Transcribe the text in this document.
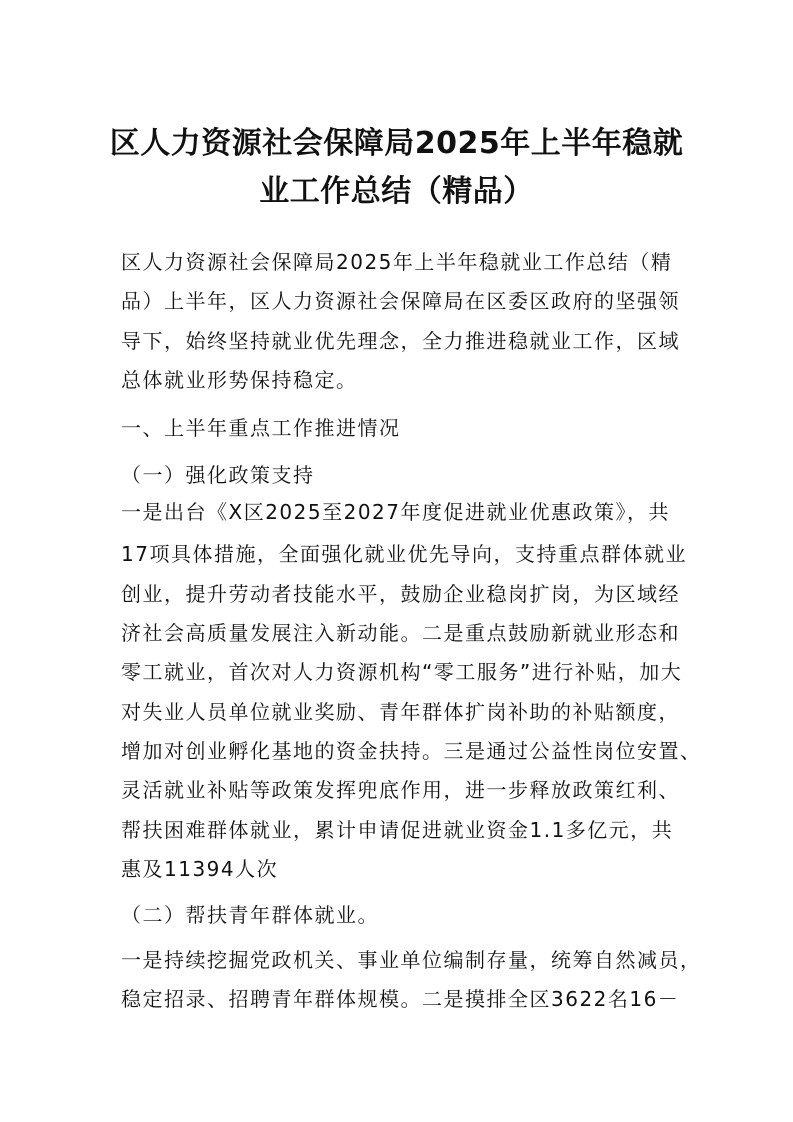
区人力资源社会保障局2025年上半年稳就
业工作总结（精品）

区人力资源社会保障局2025年上半年稳就业工作总结（精

品）上半年，区人力资源社会保障局在区委区政府的坚强领

导下，始终坚持就业优先理念，全力推进稳就业工作，区域

总体就业形势保持稳定。

一、上半年重点工作推进情况

（一）强化政策支持

一是出台《X区2025至2027年度促进就业优惠政策》，共

17项具体措施，全面强化就业优先导向，支持重点群体就业

创业，提升劳动者技能水平，鼓励企业稳岗扩岗，为区域经

济社会高质量发展注入新动能。二是重点鼓励新就业形态和

零工就业，首次对人力资源机构“零工服务”进行补贴，加大

对失业人员单位就业奖励、青年群体扩岗补助的补贴额度，

增加对创业孵化基地的资金扶持。三是通过公益性岗位安置、

灵活就业补贴等政策发挥兜底作用，进一步释放政策红利、

帮扶困难群体就业，累计申请促进就业资金1.1多亿元，共

惠及11394人次

（二）帮扶青年群体就业。

一是持续挖掘党政机关、事业单位编制存量，统筹自然减员，

稳定招录、招聘青年群体规模。二是摸排全区3622名16－
